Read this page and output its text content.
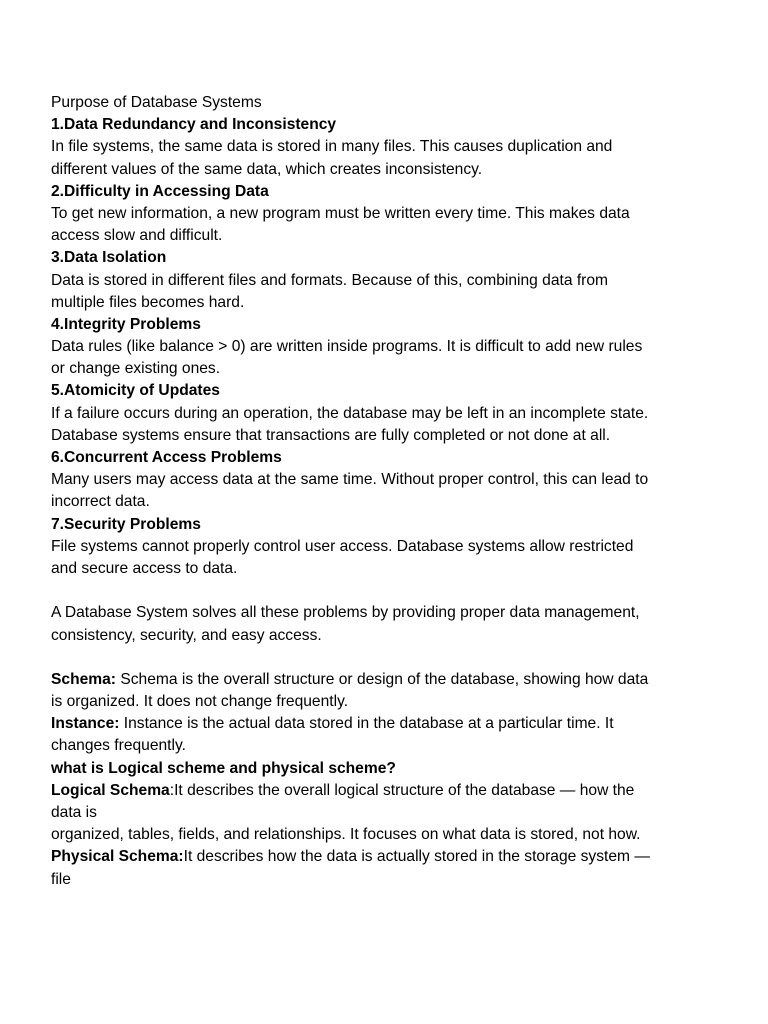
Purpose of Database Systems
1.Data Redundancy and Inconsistency
In file systems, the same data is stored in many files. This causes duplication and
different values of the same data, which creates inconsistency.
2.Difficulty in Accessing Data
To get new information, a new program must be written every time. This makes data
access slow and difficult.
3.Data Isolation
Data is stored in different files and formats. Because of this, combining data from
multiple files becomes hard.
4.Integrity Problems
Data rules (like balance > 0) are written inside programs. It is difficult to add new rules
or change existing ones.
5.Atomicity of Updates
If a failure occurs during an operation, the database may be left in an incomplete state.
Database systems ensure that transactions are fully completed or not done at all.
6.Concurrent Access Problems
Many users may access data at the same time. Without proper control, this can lead to
incorrect data.
7.Security Problems
File systems cannot properly control user access. Database systems allow restricted
and secure access to data.
A Database System solves all these problems by providing proper data management,
consistency, security, and easy access.
Schema: Schema is the overall structure or design of the database, showing how data
is organized. It does not change frequently.
Instance: Instance is the actual data stored in the database at a particular time. It
changes frequently.
what is Logical scheme and physical scheme?
Logical Schema:It describes the overall logical structure of the database — how the
data is
organized, tables, fields, and relationships. It focuses on what data is stored, not how.
Physical Schema:It describes how the data is actually stored in the storage system —
file
